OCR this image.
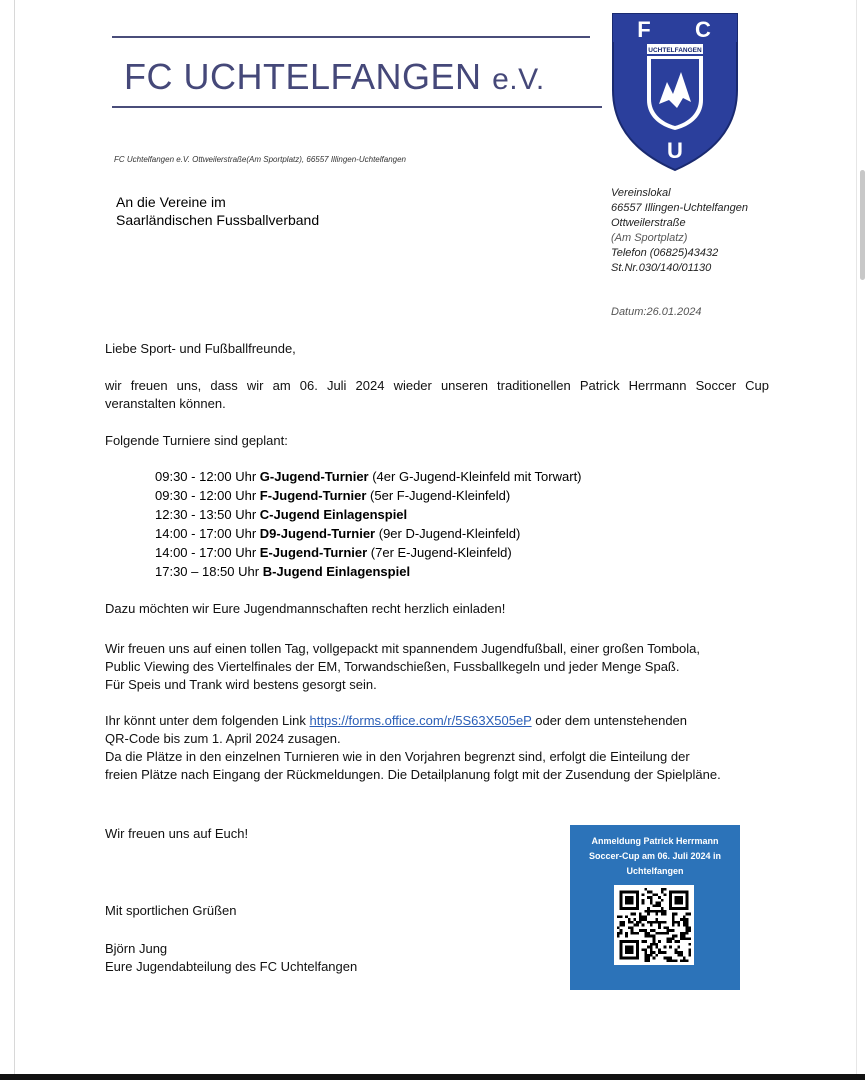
FC UCHTELFANGEN e.V.
F C
UCHTELFANGEN
U
FC Uchtelfangen e.V. Ottweilerstraße(Am Sportplatz), 66557 Illingen-Uchtelfangen
An die Vereine im
Saarländischen Fussballverband
Vereinslokal
66557 Illingen-Uchtelfangen
Ottweilerstraße
(Am Sportplatz)
Telefon (06825)43432
St.Nr.030/140/01130
Datum:26.01.2024
Liebe Sport- und Fußballfreunde,
wir freuen uns, dass wir am 06. Juli 2024 wieder unseren traditionellen Patrick Herrmann Soccer Cup
veranstalten können.
Folgende Turniere sind geplant:
09:30 - 12:00 Uhr G-Jugend-Turnier (4er G-Jugend-Kleinfeld mit Torwart)
09:30 - 12:00 Uhr F-Jugend-Turnier (5er F-Jugend-Kleinfeld)
12:30 - 13:50 Uhr C-Jugend Einlagenspiel
14:00 - 17:00 Uhr D9-Jugend-Turnier (9er D-Jugend-Kleinfeld)
14:00 - 17:00 Uhr E-Jugend-Turnier (7er E-Jugend-Kleinfeld)
17:30 – 18:50 Uhr B-Jugend Einlagenspiel
Dazu möchten wir Eure Jugendmannschaften recht herzlich einladen!
Wir freuen uns auf einen tollen Tag, vollgepackt mit spannendem Jugendfußball, einer großen Tombola,
Public Viewing des Viertelfinales der EM, Torwandschießen, Fussballkegeln und jeder Menge Spaß.
Für Speis und Trank wird bestens gesorgt sein.
Ihr könnt unter dem folgenden Link https://forms.office.com/r/5S63X505eP oder dem untenstehenden
QR-Code bis zum 1. April 2024 zusagen.
Da die Plätze in den einzelnen Turnieren wie in den Vorjahren begrenzt sind, erfolgt die Einteilung der
freien Plätze nach Eingang der Rückmeldungen. Die Detailplanung folgt mit der Zusendung der Spielpläne.
Wir freuen uns auf Euch!
Mit sportlichen Grüßen
Björn Jung
Eure Jugendabteilung des FC Uchtelfangen
Anmeldung Patrick Herrmann
Soccer-Cup am 06. Juli 2024 in
Uchtelfangen
